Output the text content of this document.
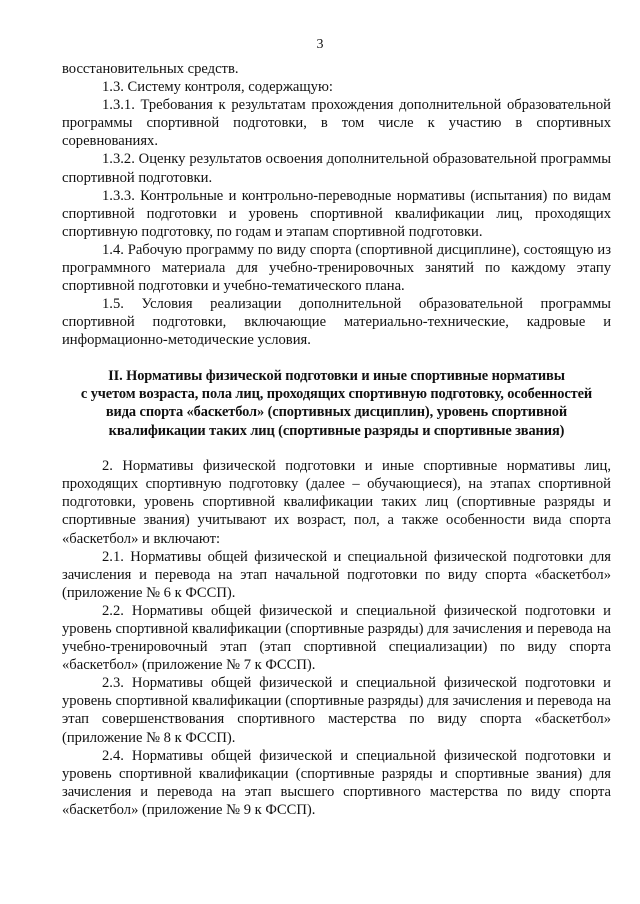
3

восстановительных средств.

1.3. Систему контроля, содержащую:

1.3.1. Требования к результатам прохождения дополнительной образовательной программы спортивной подготовки, в том числе к участию в спортивных соревнованиях.

1.3.2. Оценку результатов освоения дополнительной образовательной программы спортивной подготовки.

1.3.3. Контрольные и контрольно-переводные нормативы (испытания) по видам спортивной подготовки и уровень спортивной квалификации лиц, проходящих спортивную подготовку, по годам и этапам спортивной подготовки.

1.4. Рабочую программу по виду спорта (спортивной дисциплине), состоящую из программного материала для учебно-тренировочных занятий по каждому этапу спортивной подготовки и учебно-тематического плана.

1.5. Условия реализации дополнительной образовательной программы спортивной подготовки, включающие материально-технические, кадровые и информационно-методические условия.

II. Нормативы физической подготовки и иные спортивные нормативы
с учетом возраста, пола лиц, проходящих спортивную подготовку, особенностей
вида спорта «баскетбол» (спортивных дисциплин), уровень спортивной
квалификации таких лиц (спортивные разряды и спортивные звания)

2. Нормативы физической подготовки и иные спортивные нормативы лиц, проходящих спортивную подготовку (далее – обучающиеся), на этапах спортивной подготовки, уровень спортивной квалификации таких лиц (спортивные разряды и спортивные звания) учитывают их возраст, пол, а также особенности вида спорта «баскетбол» и включают:

2.1. Нормативы общей физической и специальной физической подготовки для зачисления и перевода на этап начальной подготовки по виду спорта «баскетбол» (приложение № 6 к ФССП).

2.2. Нормативы общей физической и специальной физической подготовки и уровень спортивной квалификации (спортивные разряды) для зачисления и перевода на учебно-тренировочный этап (этап спортивной специализации) по виду спорта «баскетбол» (приложение № 7 к ФССП).

2.3. Нормативы общей физической и специальной физической подготовки и уровень спортивной квалификации (спортивные разряды) для зачисления и перевода на этап совершенствования спортивного мастерства по виду спорта «баскетбол» (приложение № 8 к ФССП).

2.4. Нормативы общей физической и специальной физической подготовки и уровень спортивной квалификации (спортивные разряды и спортивные звания) для зачисления и перевода на этап высшего спортивного мастерства по виду спорта «баскетбол» (приложение № 9 к ФССП).
